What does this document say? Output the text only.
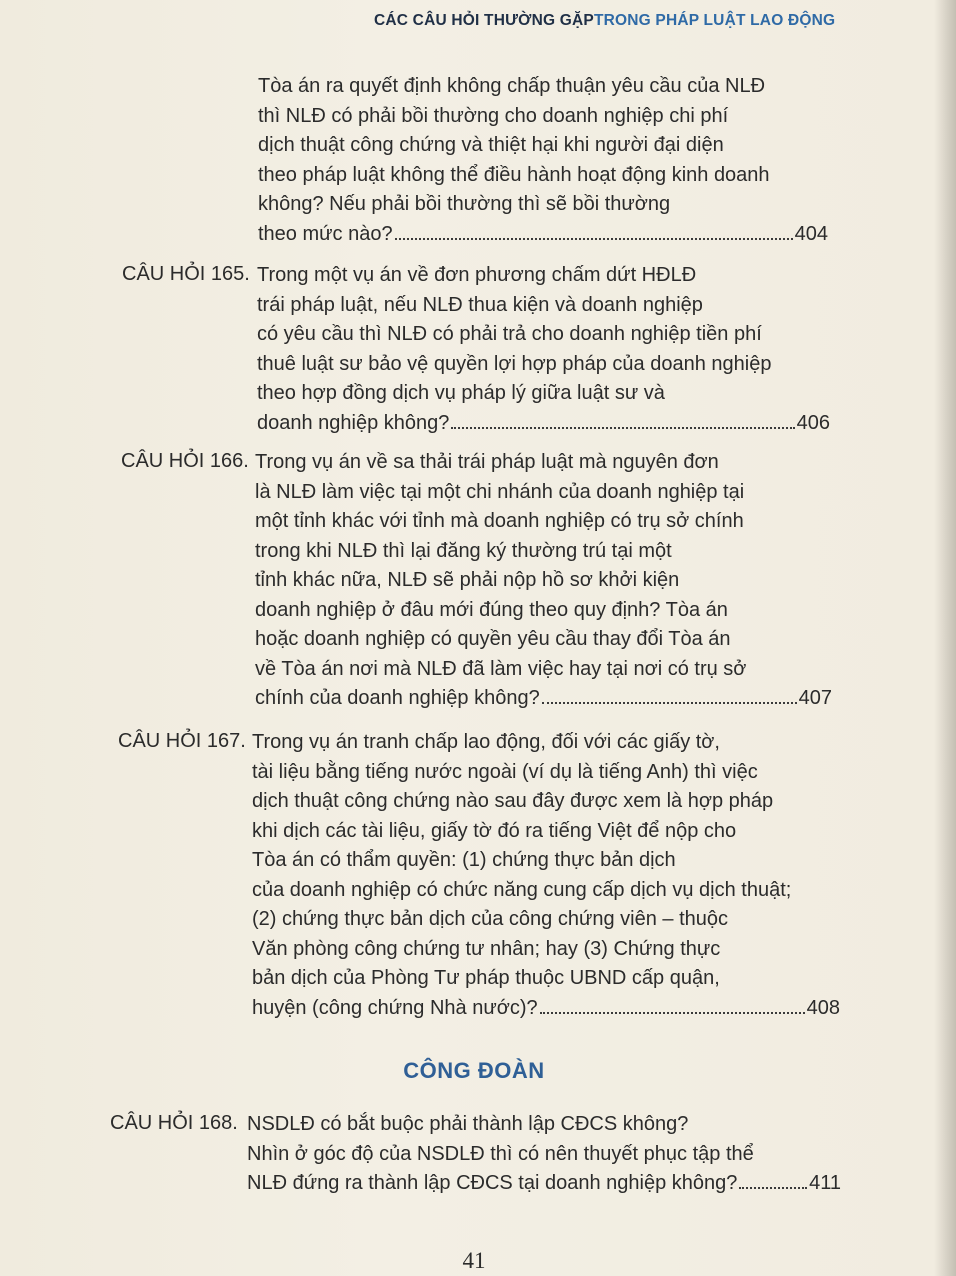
CÁC CÂU HỎI THƯỜNG GẶPTRONG PHÁP LUẬT LAO ĐỘNG
Tòa án ra quyết định không chấp thuận yêu cầu của NLĐ
thì NLĐ có phải bồi thường cho doanh nghiệp chi phí
dịch thuật công chứng và thiệt hại khi người đại diện
theo pháp luật không thể điều hành hoạt động kinh doanh
không? Nếu phải bồi thường thì sẽ bồi thường
theo mức nào?	404
CÂU HỎI 165. Trong một vụ án về đơn phương chấm dứt HĐLĐ
trái pháp luật, nếu NLĐ thua kiện và doanh nghiệp
có yêu cầu thì NLĐ có phải trả cho doanh nghiệp tiền phí
thuê luật sư bảo vệ quyền lợi hợp pháp của doanh nghiệp
theo hợp đồng dịch vụ pháp lý giữa luật sư và
doanh nghiệp không?	406
CÂU HỎI 166. Trong vụ án về sa thải trái pháp luật mà nguyên đơn
là NLĐ làm việc tại một chi nhánh của doanh nghiệp tại
một tỉnh khác với tỉnh mà doanh nghiệp có trụ sở chính
trong khi NLĐ thì lại đăng ký thường trú tại một
tỉnh khác nữa, NLĐ sẽ phải nộp hồ sơ khởi kiện
doanh nghiệp ở đâu mới đúng theo quy định? Tòa án
hoặc doanh nghiệp có quyền yêu cầu thay đổi Tòa án
về Tòa án nơi mà NLĐ đã làm việc hay tại nơi có trụ sở
chính của doanh nghiệp không?	407
CÂU HỎI 167. Trong vụ án tranh chấp lao động, đối với các giấy tờ,
tài liệu bằng tiếng nước ngoài (ví dụ là tiếng Anh) thì việc
dịch thuật công chứng nào sau đây được xem là hợp pháp
khi dịch các tài liệu, giấy tờ đó ra tiếng Việt để nộp cho
Tòa án có thẩm quyền: (1) chứng thực bản dịch
của doanh nghiệp có chức năng cung cấp dịch vụ dịch thuật;
(2) chứng thực bản dịch của công chứng viên – thuộc
Văn phòng công chứng tư nhân; hay (3) Chứng thực
bản dịch của Phòng Tư pháp thuộc UBND cấp quận,
huyện (công chứng Nhà nước)?	408
CÔNG ĐOÀN
CÂU HỎI 168. NSDLĐ có bắt buộc phải thành lập CĐCS không?
Nhìn ở góc độ của NSDLĐ thì có nên thuyết phục tập thể
NLĐ đứng ra thành lập CĐCS tại doanh nghiệp không?	411
41
